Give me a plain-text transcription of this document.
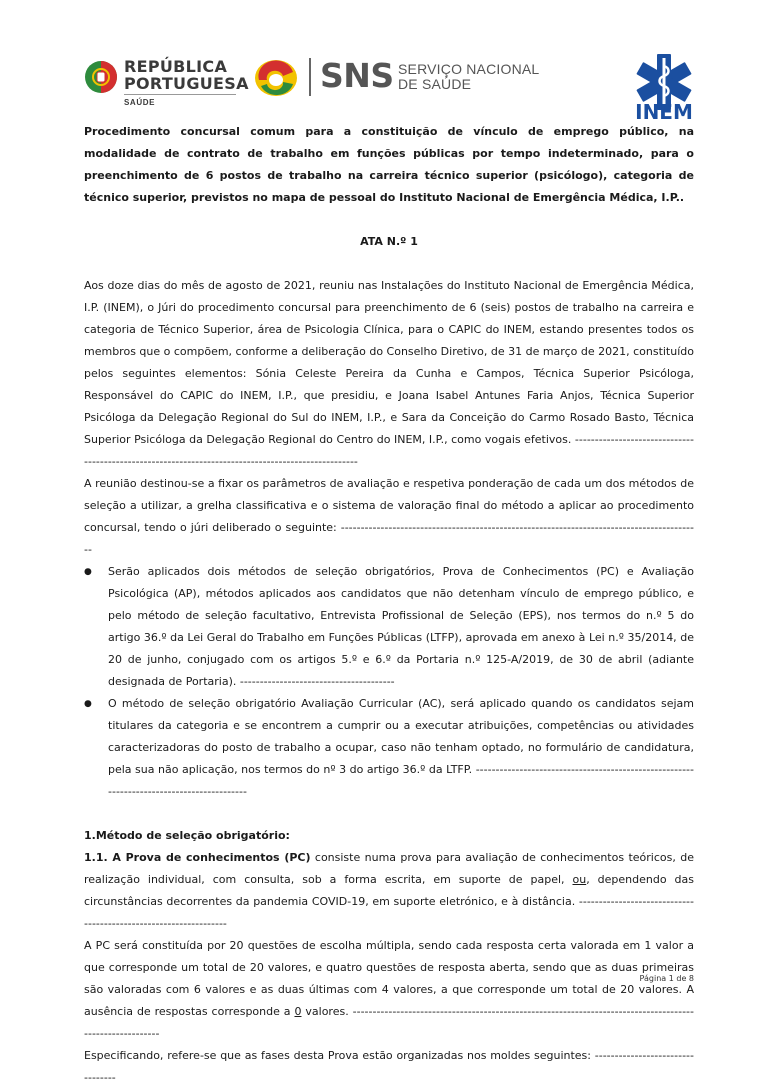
REPÚBLICA
PORTUGUESA
SAÚDE
SNS SERVIÇO NACIONAL
DE SAÚDE
INEM

Procedimento concursal comum para a constituição de vínculo de emprego público, na modalidade de contrato de trabalho em funções públicas por tempo indeterminado, para o preenchimento de 6 postos de trabalho na carreira técnico superior (psicólogo), categoria de técnico superior, previstos no mapa de pessoal do Instituto Nacional de Emergência Médica, I.P..

ATA N.º 1

Aos doze dias do mês de agosto de 2021, reuniu nas Instalações do Instituto Nacional de Emergência Médica, I.P. (INEM), o Júri do procedimento concursal para preenchimento de 6 (seis) postos de trabalho na carreira e categoria de Técnico Superior, área de Psicologia Clínica, para o CAPIC do INEM, estando presentes todos os membros que o compõem, conforme a deliberação do Conselho Diretivo, de 31 de março de 2021, constituído pelos seguintes elementos: Sónia Celeste Pereira da Cunha e Campos, Técnica Superior Psicóloga, Responsável do CAPIC do INEM, I.P., que presidiu, e Joana Isabel Antunes Faria Anjos, Técnica Superior Psicóloga da Delegação Regional do Sul do INEM, I.P., e Sara da Conceição do Carmo Rosado Basto, Técnica Superior Psicóloga da Delegação Regional do Centro do INEM, I.P., como vogais efetivos. ---------------------------------------------------------------------------------------------------

A reunião destinou-se a fixar os parâmetros de avaliação e respetiva ponderação de cada um dos métodos de seleção a utilizar, a grelha classificativa e o sistema de valoração final do método a aplicar ao procedimento concursal, tendo o júri deliberado o seguinte: -------------------------------------------------------------------------------------------

● Serão aplicados dois métodos de seleção obrigatórios, Prova de Conhecimentos (PC) e Avaliação Psicológica (AP), métodos aplicados aos candidatos que não detenham vínculo de emprego público, e pelo método de seleção facultativo, Entrevista Profissional de Seleção (EPS), nos termos do n.º 5 do artigo 36.º da Lei Geral do Trabalho em Funções Públicas (LTFP), aprovada em anexo à Lei n.º 35/2014, de 20 de junho, conjugado com os artigos 5.º e 6.º da Portaria n.º 125-A/2019, de 30 de abril (adiante designada de Portaria). ---------------------------------------
● O método de seleção obrigatório Avaliação Curricular (AC), será aplicado quando os candidatos sejam titulares da categoria e se encontrem a cumprir ou a executar atribuições, competências ou atividades caracterizadoras do posto de trabalho a ocupar, caso não tenham optado, no formulário de candidatura, pela sua não aplicação, nos termos do nº 3 do artigo 36.º da LTFP. ------------------------------------------------------------------------------------------

1.Método de seleção obrigatório:

1.1. A Prova de conhecimentos (PC) consiste numa prova para avaliação de conhecimentos teóricos, de realização individual, com consulta, sob a forma escrita, em suporte de papel, ou, dependendo das circunstâncias decorrentes da pandemia COVID-19, em suporte eletrónico, e à distância. -----------------------------------------------------------------

A PC será constituída por 20 questões de escolha múltipla, sendo cada resposta certa valorada em 1 valor a que corresponde um total de 20 valores, e quatro questões de resposta aberta, sendo que as duas primeiras são valoradas com 6 valores e as duas últimas com 4 valores, a que corresponde um total de 20 valores. A ausência de respostas corresponde a 0 valores. ---------------------------------------------------------------------------------------------------------

Especificando, refere-se que as fases desta Prova estão organizadas nos moldes seguintes: ---------------------------------

Página 1 de 8
